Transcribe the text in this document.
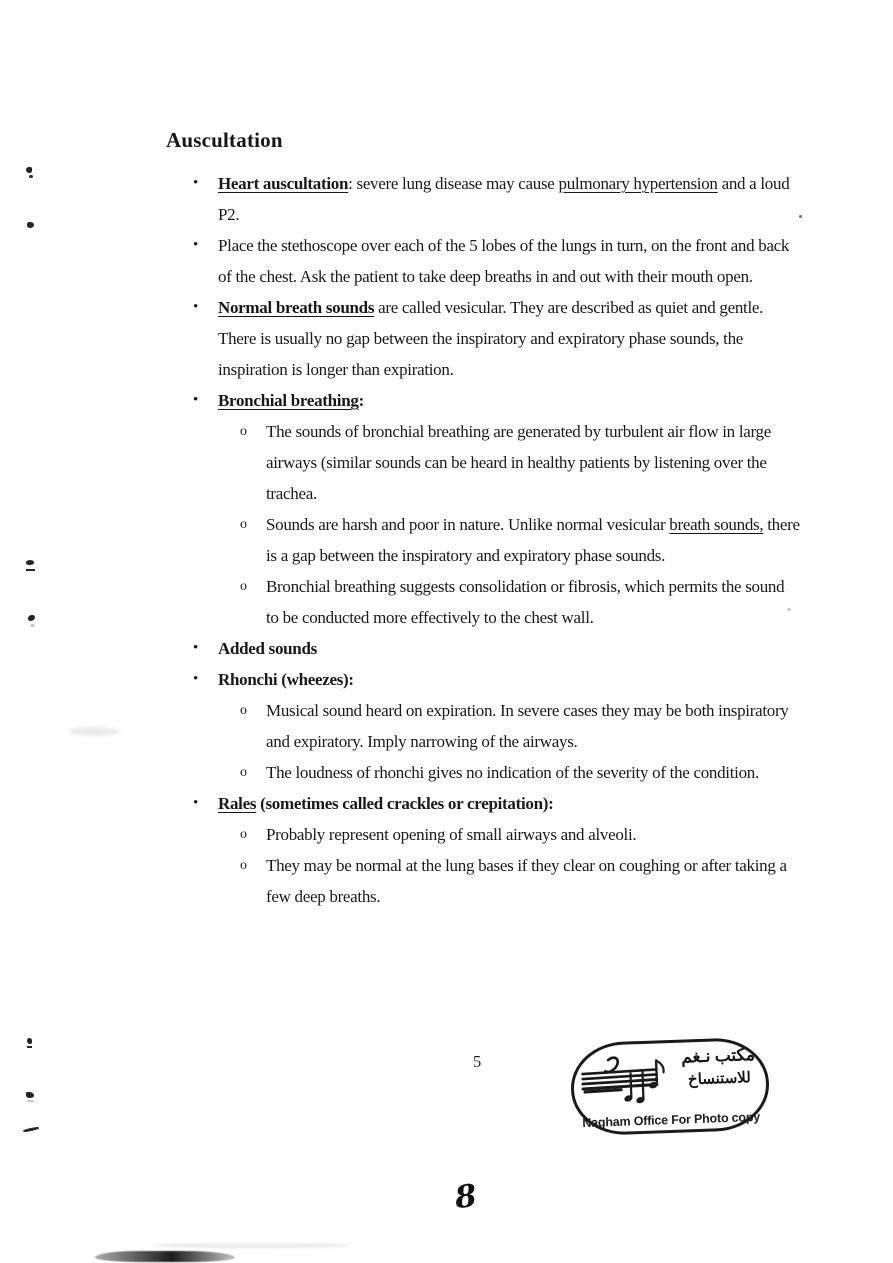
Auscultation
• Heart auscultation: severe lung disease may cause pulmonary hypertension and a loud P2.
• Place the stethoscope over each of the 5 lobes of the lungs in turn, on the front and back of the chest. Ask the patient to take deep breaths in and out with their mouth open.
• Normal breath sounds are called vesicular. They are described as quiet and gentle. There is usually no gap between the inspiratory and expiratory phase sounds, the inspiration is longer than expiration.
• Bronchial breathing:
o The sounds of bronchial breathing are generated by turbulent air flow in large airways (similar sounds can be heard in healthy patients by listening over the trachea.
o Sounds are harsh and poor in nature. Unlike normal vesicular breath sounds, there is a gap between the inspiratory and expiratory phase sounds.
o Bronchial breathing suggests consolidation or fibrosis, which permits the sound to be conducted more effectively to the chest wall.
• Added sounds
• Rhonchi (wheezes):
o Musical sound heard on expiration. In severe cases they may be both inspiratory and expiratory. Imply narrowing of the airways.
o The loudness of rhonchi gives no indication of the severity of the condition.
• Rales (sometimes called crackles or crepitation):
o Probably represent opening of small airways and alveoli.
o They may be normal at the lung bases if they clear on coughing or after taking a few deep breaths.
5	مكتب نـغم
للاستنساخ
Nagham Office For Photo copy
8
